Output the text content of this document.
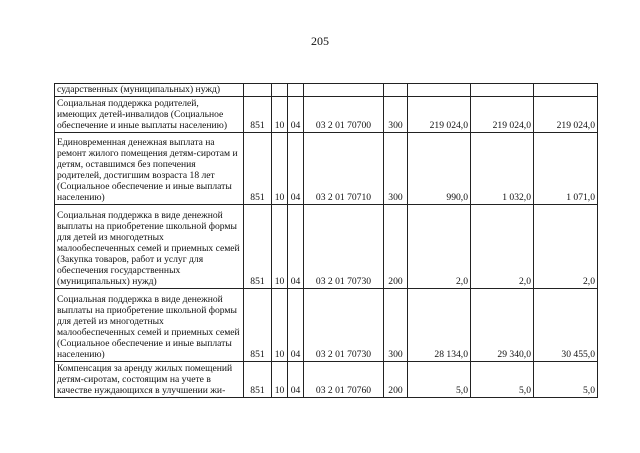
205
сударственных (муниципальных) нужд)								
Социальная поддержка родителей, имеющих детей-инвалидов (Социальное обеспечение и иные выплаты населению)	851	10	04	03 2 01 70700	300	219 024,0	219 024,0	219 024,0
Единовременная денежная выплата на ремонт жилого помещения детям-сиротам и детям, оставшимся без попечения родителей, достигшим возраста 18 лет (Социальное обеспечение и иные выплаты населению)	851	10	04	03 2 01 70710	300	990,0	1 032,0	1 071,0
Социальная поддержка в виде денежной выплаты на приобретение школьной формы для детей из многодетных малообеспеченных семей и приемных семей (Закупка товаров, работ и услуг для обеспечения государственных (муниципальных) нужд)	851	10	04	03 2 01 70730	200	2,0	2,0	2,0
Социальная поддержка в виде денежной выплаты на приобретение школьной формы для детей из многодетных малообеспеченных семей и приемных семей (Социальное обеспечение и иные выплаты населению)	851	10	04	03 2 01 70730	300	28 134,0	29 340,0	30 455,0
Компенсация за аренду жилых помещений детям-сиротам, состоящим на учете в качестве нуждающихся в улучшении жи-	851	10	04	03 2 01 70760	200	5,0	5,0	5,0
